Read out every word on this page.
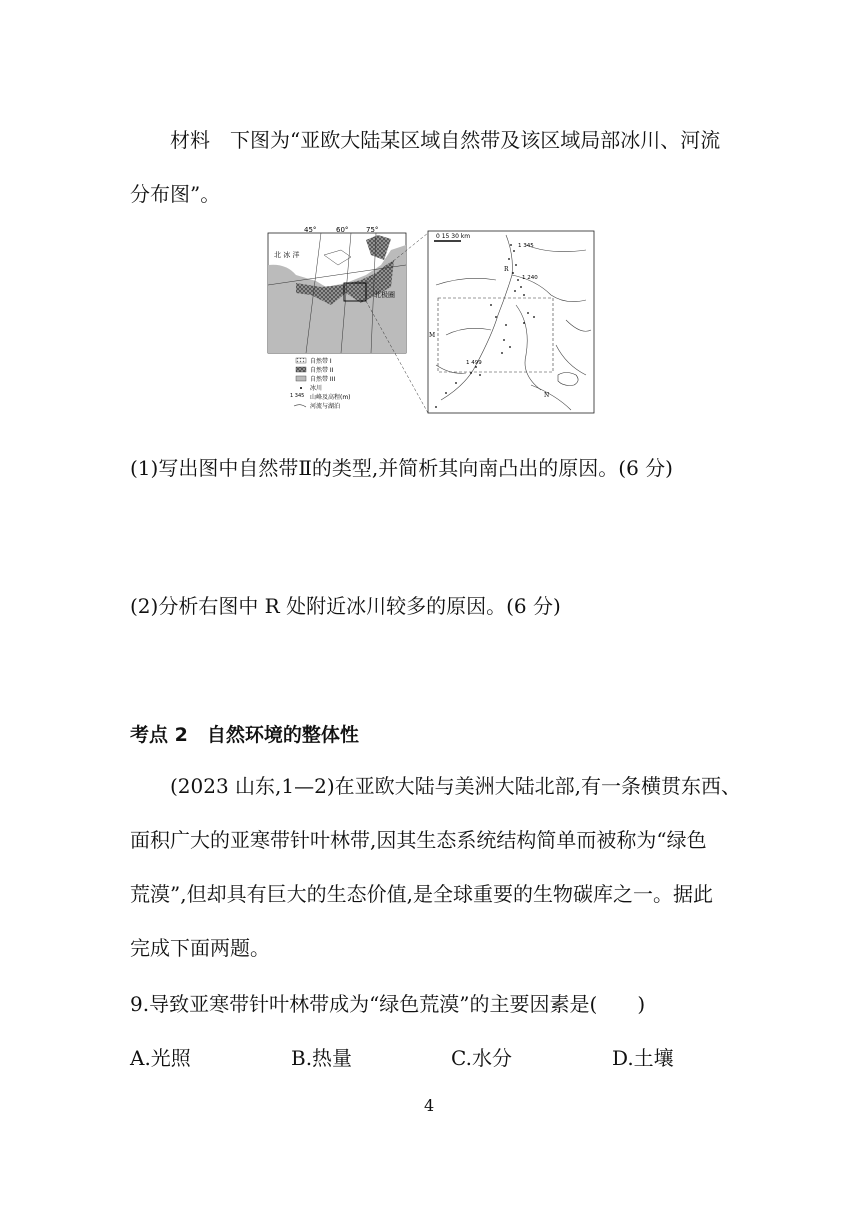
材料　下图为“亚欧大陆某区域自然带及该区域局部冰川、河流
分布图”。
45°	60°	75°
北 冰 洋
北极圈
自然带 I
自然带 II
自然带 III
冰川
1 345 山峰及高程(m)
河流与湖泊
0 15 30 km
1 345
1 240
1 499
R
M
N
(1)写出图中自然带Ⅱ的类型,并简析其向南凸出的原因。(6 分)
(2)分析右图中 R 处附近冰川较多的原因。(6 分)
考点 2　自然环境的整体性
(2023 山东,1—2)在亚欧大陆与美洲大陆北部,有一条横贯东西、
面积广大的亚寒带针叶林带,因其生态系统结构简单而被称为“绿色
荒漠”,但却具有巨大的生态价值,是全球重要的生物碳库之一。据此
完成下面两题。
9.导致亚寒带针叶林带成为“绿色荒漠”的主要因素是(　　)
A.光照	B.热量	C.水分	D.土壤
4
